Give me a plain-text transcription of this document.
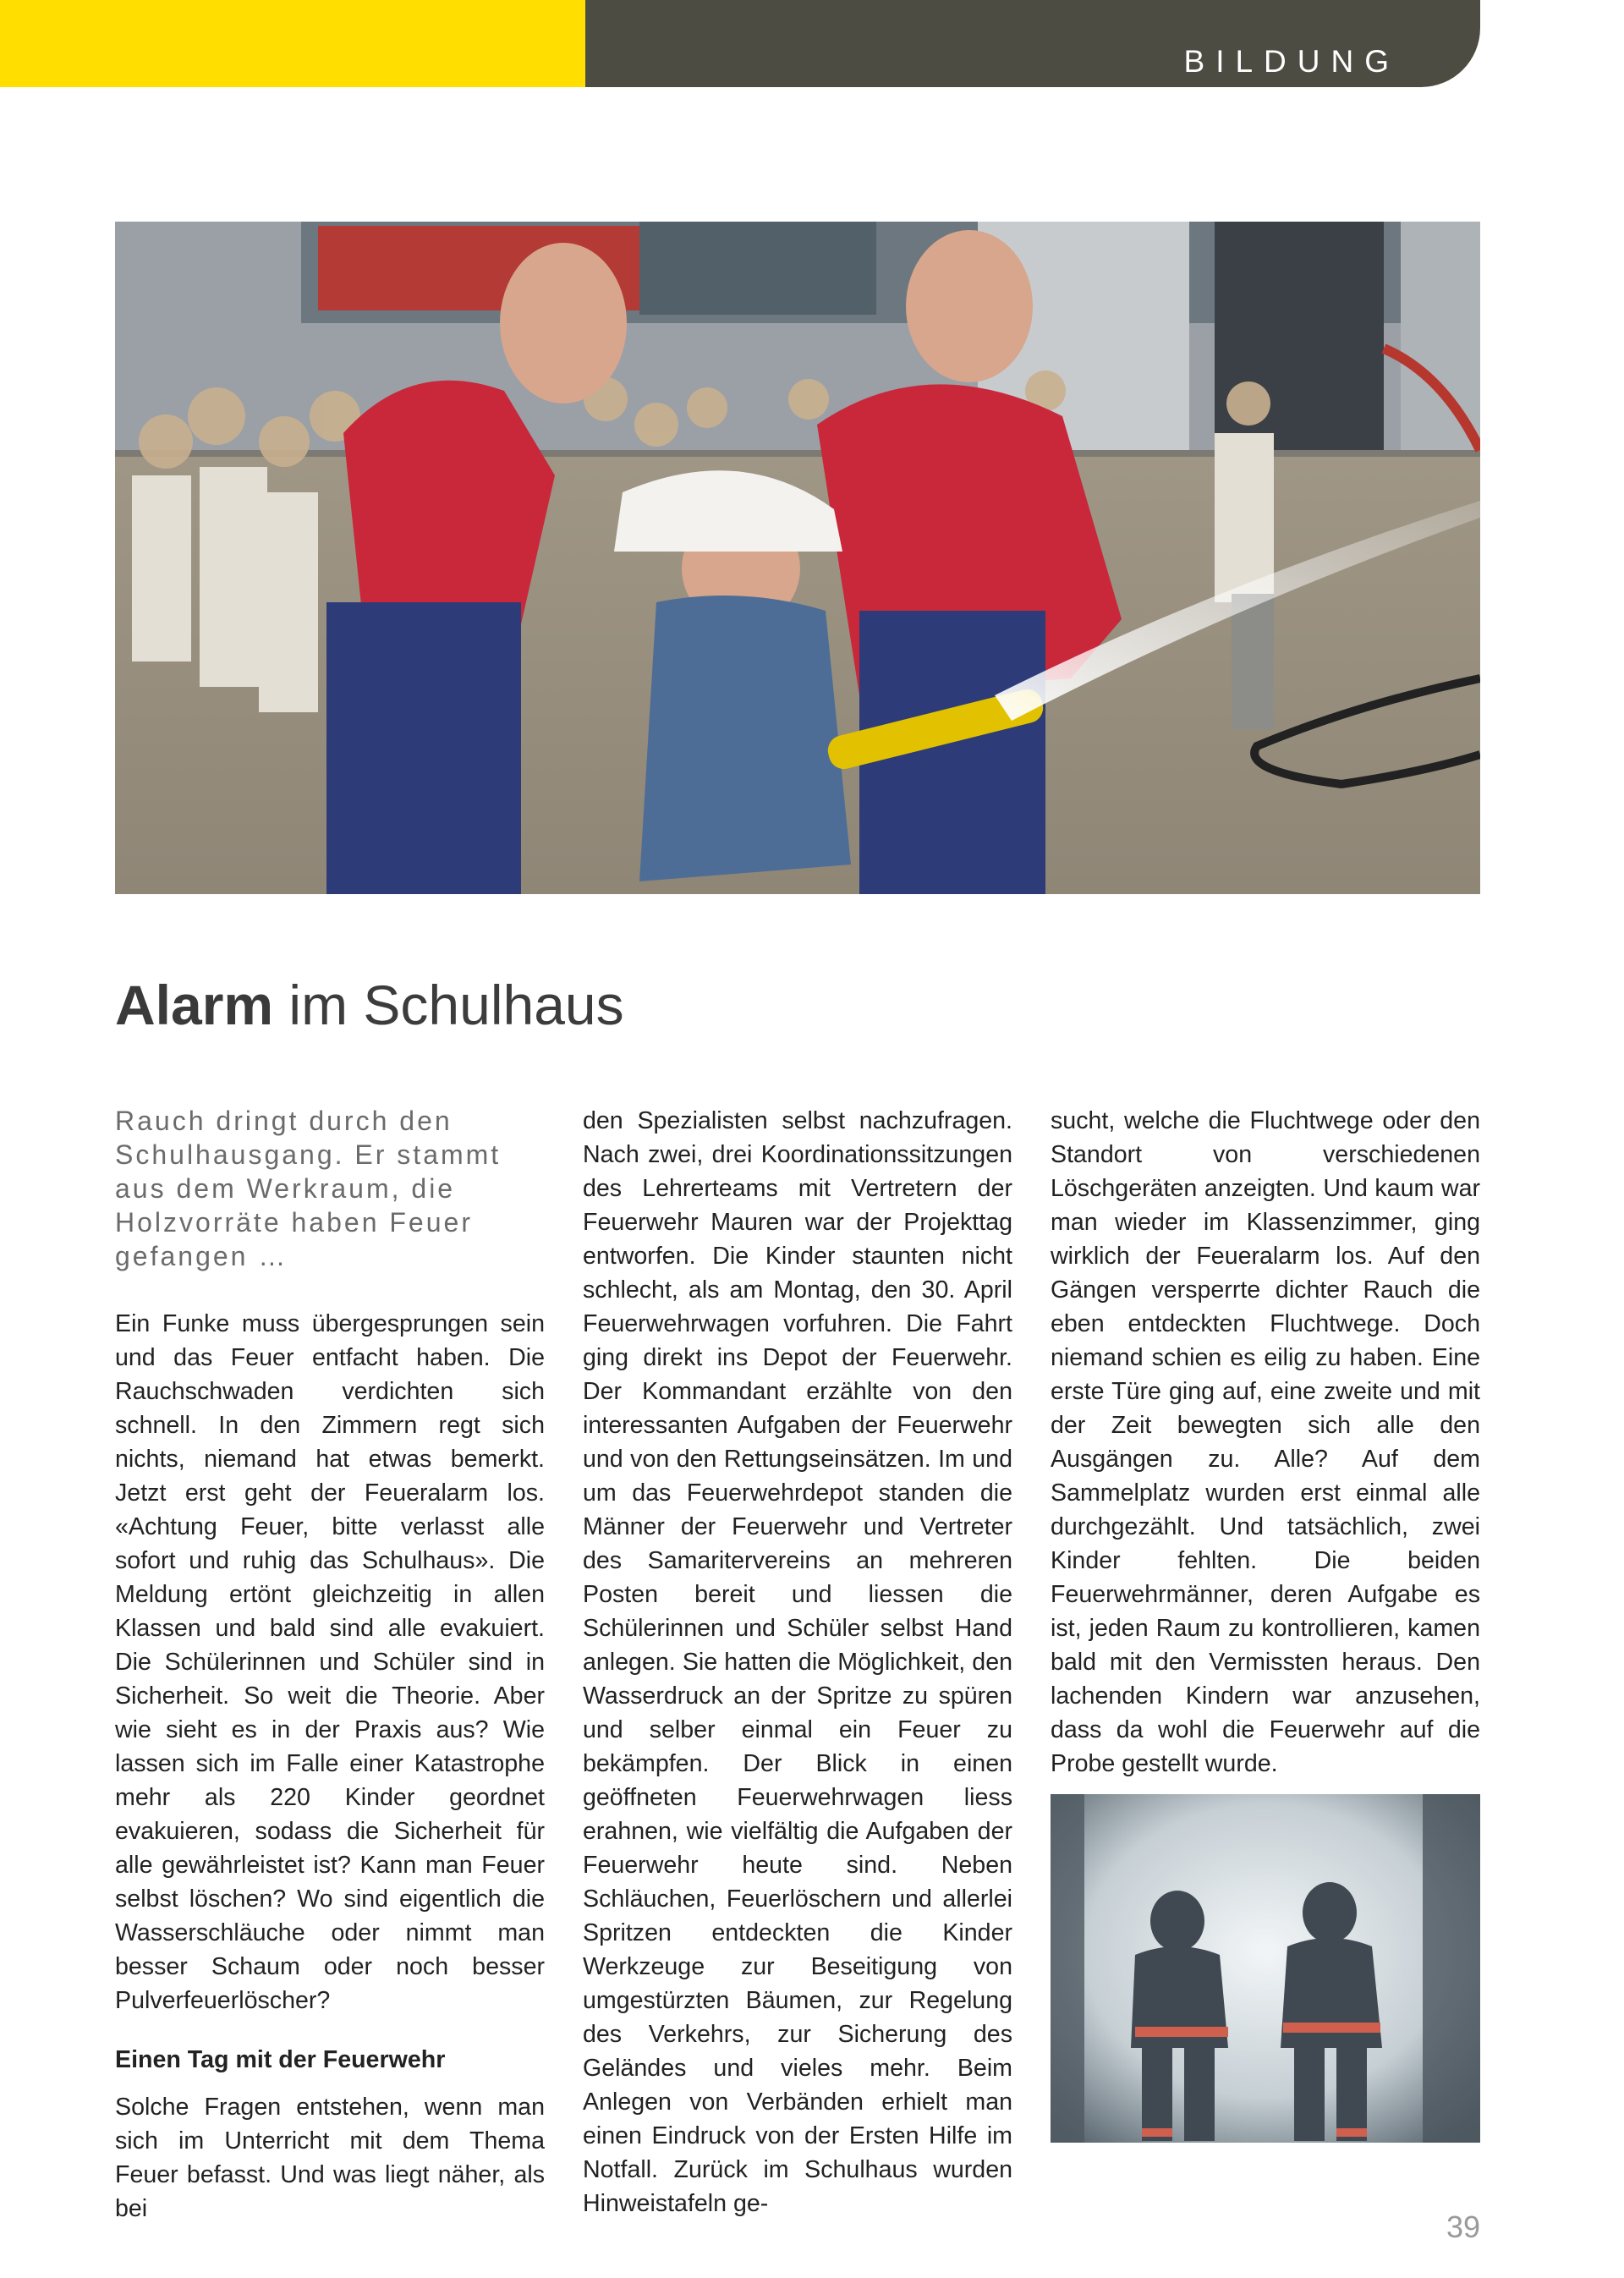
BILDUNG
Alarm im Schulhaus

Rauch dringt durch den Schulhausgang. Er stammt aus dem Werkraum, die Holzvorräte haben Feuer gefangen …

Ein Funke muss übergesprungen sein und das Feuer entfacht haben. Die Rauchschwaden verdichten sich schnell. In den Zimmern regt sich nichts, niemand hat etwas bemerkt. Jetzt erst geht der Feueralarm los. «Achtung Feuer, bitte verlasst alle sofort und ruhig das Schulhaus». Die Meldung ertönt gleichzeitig in allen Klassen und bald sind alle evakuiert. Die Schülerinnen und Schüler sind in Sicherheit. So weit die Theorie. Aber wie sieht es in der Praxis aus? Wie lassen sich im Falle einer Katastrophe mehr als 220 Kinder geordnet evakuieren, sodass die Sicherheit für alle gewährleistet ist? Kann man Feuer selbst löschen? Wo sind eigentlich die Wasserschläuche oder nimmt man besser Schaum oder noch besser Pulverfeuerlöscher?

Einen Tag mit der Feuerwehr

Solche Fragen entstehen, wenn man sich im Unterricht mit dem Thema Feuer befasst. Und was liegt näher, als bei

den Spezialisten selbst nachzufragen. Nach zwei, drei Koordinationssitzungen des Lehrerteams mit Vertretern der Feuerwehr Mauren war der Projekttag entworfen. Die Kinder staunten nicht schlecht, als am Montag, den 30. April Feuerwehrwagen vorfuhren. Die Fahrt ging direkt ins Depot der Feuerwehr. Der Kommandant erzählte von den interessanten Aufgaben der Feuerwehr und von den Rettungseinsätzen. Im und um das Feuerwehrdepot standen die Männer der Feuerwehr und Vertreter des Samaritervereins an mehreren Posten bereit und liessen die Schülerinnen und Schüler selbst Hand anlegen. Sie hatten die Möglichkeit, den Wasserdruck an der Spritze zu spüren und selber einmal ein Feuer zu bekämpfen. Der Blick in einen geöffneten Feuerwehrwagen liess erahnen, wie vielfältig die Aufgaben der Feuerwehr heute sind. Neben Schläuchen, Feuerlöschern und allerlei Spritzen entdeckten die Kinder Werkzeuge zur Beseitigung von umgestürzten Bäumen, zur Regelung des Verkehrs, zur Sicherung des Geländes und vieles mehr. Beim Anlegen von Verbänden erhielt man einen Eindruck von der Ersten Hilfe im Notfall. Zurück im Schulhaus wurden Hinweistafeln ge-

sucht, welche die Fluchtwege oder den Standort von verschiedenen Löschgeräten anzeigten. Und kaum war man wieder im Klassenzimmer, ging wirklich der Feueralarm los. Auf den Gängen versperrte dichter Rauch die eben entdeckten Fluchtwege. Doch niemand schien es eilig zu haben. Eine erste Türe ging auf, eine zweite und mit der Zeit bewegten sich alle den Ausgängen zu. Alle? Auf dem Sammelplatz wurden erst einmal alle durchgezählt. Und tatsächlich, zwei Kinder fehlten. Die beiden Feuerwehrmänner, deren Aufgabe es ist, jeden Raum zu kontrollieren, kamen bald mit den Vermissten heraus. Den lachenden Kindern war anzusehen, dass da wohl die Feuerwehr auf die Probe gestellt wurde.

39
